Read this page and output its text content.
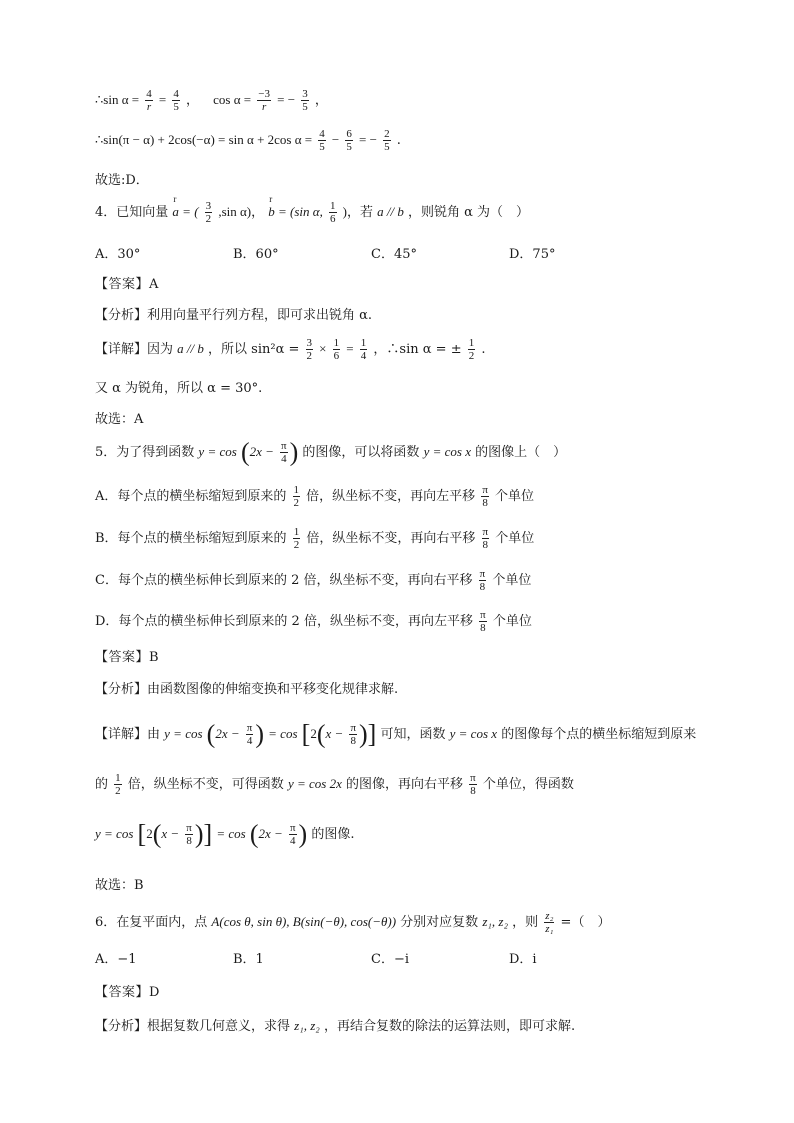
∴sin $\alpha = \frac{4}{r} = \frac{4}{5}$ ， $\cos \alpha = \frac{-3}{r}$ = − $\frac{3}{5}$ ，
∴sin(π − α) + 2cos(−α) = sin α + 2cos $\alpha = \frac{4}{5} - \frac{6}{5}$ = − $\frac{2}{5}$ .
故选:D．
4．已知向量 r a = ( $\frac{3}{2} ,\sin$ α)， r b = (sin α, $\frac{1}{6}$ )，若 a // b ，则锐角 α 为（　）
A．30°	B．60°	C．45°	D．75°
【答案】A
【分析】利用向量平行列方程，即可求出锐角 α.
【详解】因为 a // b ，所以 $\sin^2\alpha = \frac{3}{2} \times \frac{1}{6} = \frac{1}{4}$ ，∴sin α = ± $\frac{1}{2}$ .
又 α 为锐角，所以 α = 30°.
故选：A
5．为了得到函数 $y = \cos (2x - \frac{\pi}{4}$ ) 的图像，可以将函数 y = cos x 的图像上（　）
A．每个点的横坐标缩短到原来的 $\frac{1}{2}$ 倍，纵坐标不变，再向左平移 $\frac{\pi}{8}$ 个单位
B．每个点的横坐标缩短到原来的 $\frac{1}{2}$ 倍，纵坐标不变，再向右平移 $\frac{\pi}{8}$ 个单位
C．每个点的横坐标伸长到原来的 2 倍，纵坐标不变，再向右平移 $\frac{\pi}{8}$ 个单位
D．每个点的横坐标伸长到原来的 2 倍，纵坐标不变，再向左平移 $\frac{\pi}{8}$ 个单位
【答案】B
【分析】由函数图像的伸缩变换和平移变化规律求解.
【详解】由 $y = \cos (2x - \frac{\pi}{4}$ ) = $\cos [2(x - \frac{\pi}{8}$ )] 可知，函数 y = cos x 的图像每个点的横坐标缩短到原来
的 $\frac{1}{2}$ 倍，纵坐标不变，可得函数 y = cos 2x 的图像，再向右平移 $\frac{\pi}{8}$ 个单位，得函数
$y = \cos [2(x - \frac{\pi}{8}$ )] = $\cos (2x - \frac{\pi}{4}$ ) 的图像.
故选：B
6．在复平面内，点 A(cos θ, sin θ), B(sin(−θ), cos(−θ)) 分别对应复数 z₁, z₂ ，则 $\frac{\text{z₂}}{\text{z₁}}$ =（　）
A．−1	B．1	C．−i	D．i
【答案】D
【分析】根据复数几何意义，求得 z₁, z₂ ，再结合复数的除法的运算法则，即可求解.
